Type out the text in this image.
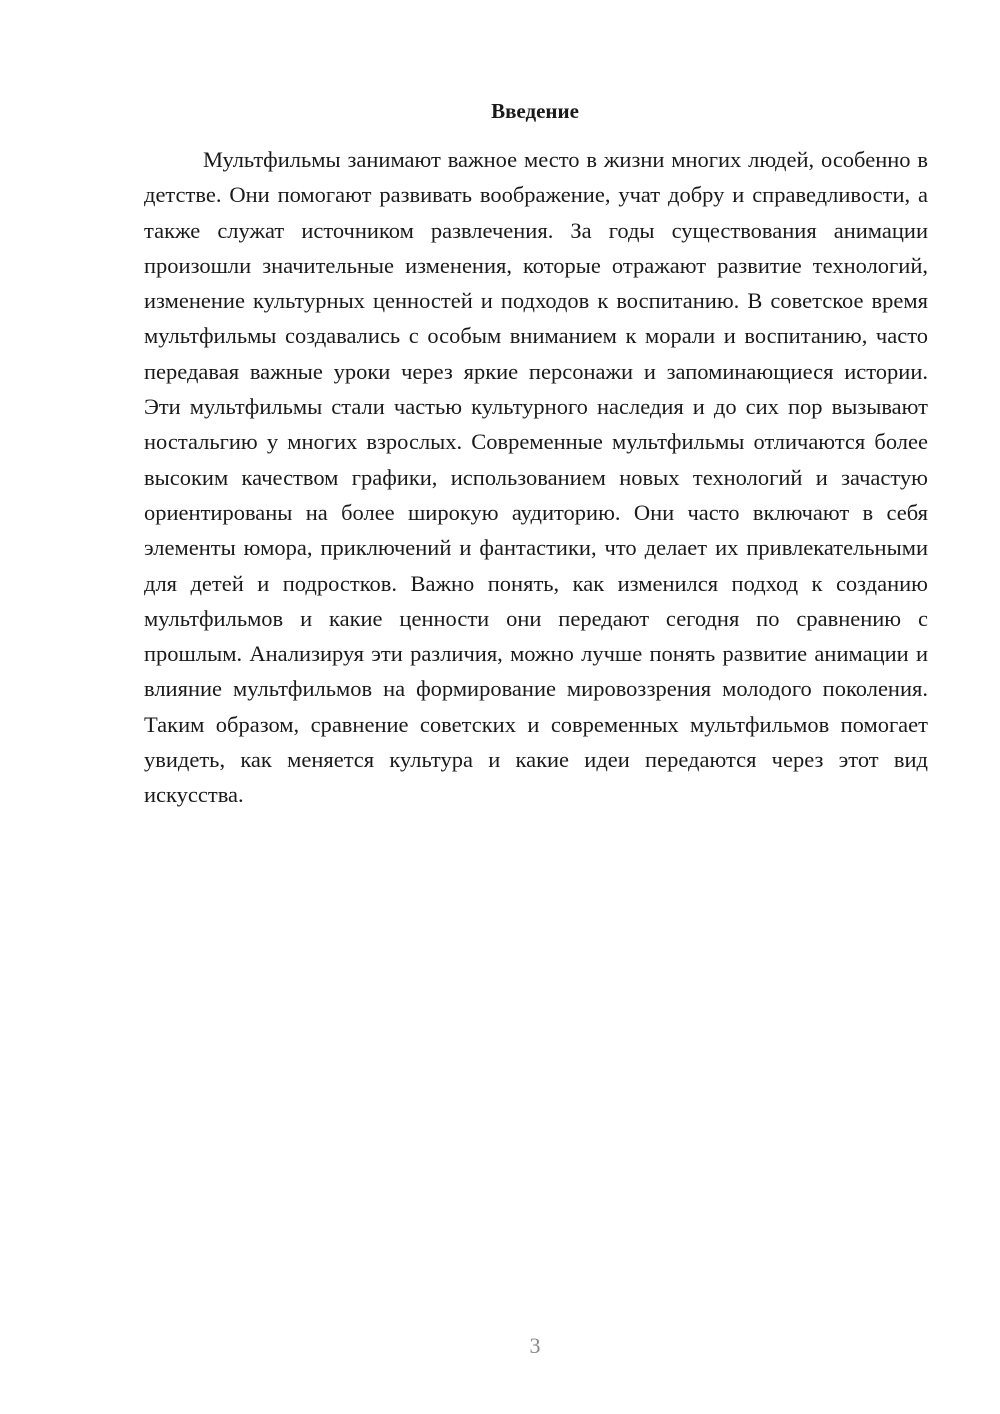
Введение

Мультфильмы занимают важное место в жизни многих людей, особенно в детстве. Они помогают развивать воображение, учат добру и справедливости, а также служат источником развлечения. За годы существования анимации произошли значительные изменения, которые отражают развитие технологий, изменение культурных ценностей и подходов к воспитанию. В советское время мультфильмы создавались с особым вниманием к морали и воспитанию, часто передавая важные уроки через яркие персонажи и запоминающиеся истории. Эти мультфильмы стали частью культурного наследия и до сих пор вызывают ностальгию у многих взрослых. Современные мультфильмы отличаются более высоким качеством графики, использованием новых технологий и зачастую ориентированы на более широкую аудиторию. Они часто включают в себя элементы юмора, приключений и фантастики, что делает их привлекательными для детей и подростков. Важно понять, как изменился подход к созданию мультфильмов и какие ценности они передают сегодня по сравнению с прошлым. Анализируя эти различия, можно лучше понять развитие анимации и влияние мультфильмов на формирование мировоззрения молодого поколения. Таким образом, сравнение советских и современных мультфильмов помогает увидеть, как меняется культура и какие идеи передаются через этот вид искусства.

3
